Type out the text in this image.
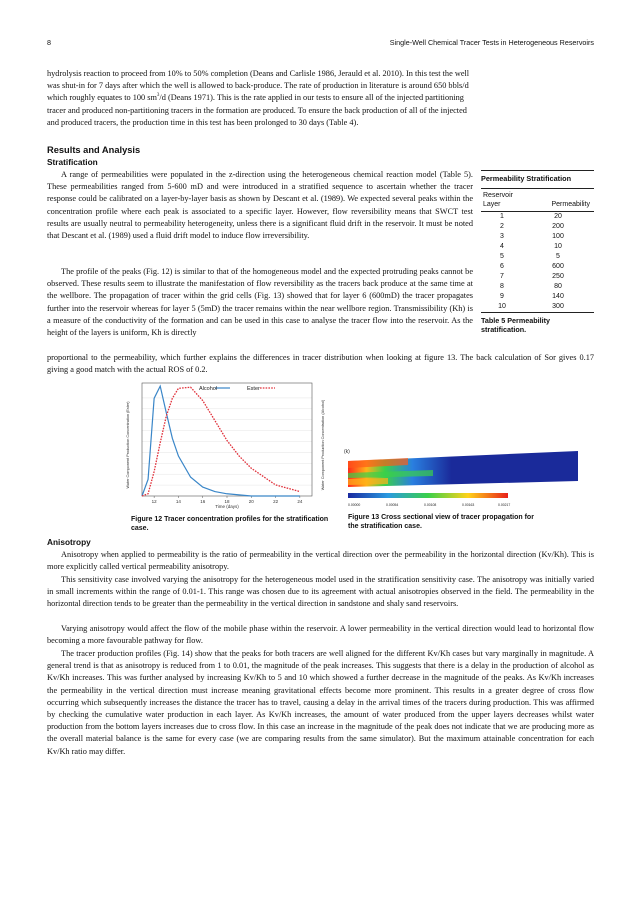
8	Single-Well Chemical Tracer Tests in Heterogeneous Reservoirs
hydrolysis reaction to proceed from 10% to 50% completion (Deans and Carlisle 1986, Jerauld et al. 2010). In this test the well
was shut-in for 7 days after which the well is allowed to back-produce. The rate of production in literature is around 650 bbls/d
which roughly equates to 100 $sm^3/d$ (Deans 1971). This is the rate applied in our tests to ensure all of the injected partitioning
tracer and produced non-partitioning tracers in the formation are produced. To ensure the back production of all of the injected
and produced tracers, the production time in this test has been prolonged to 30 days (Table 4).
Results and Analysis
Stratification
A range of permeabilities were populated in the z-direction using the heterogeneous chemical reaction model (Table 5). These permeabilities ranged from 5-600 mD and were introduced in a stratified sequence to ascertain whether the tracer response could be calibrated on a layer-by-layer basis as shown by Descant et al. (1989). We expected several peaks within the concentration profile where each peak is associated to a specific layer. However, flow reversibility means that SWCT test results are usually neutral to permeability heterogeneity, unless there is a significant fluid drift in the reservoir. It must be noted that Descant et al. (1989) used a fluid drift model to induce flow irreversibility.
The profile of the peaks (Fig. 12) is similar to that of the homogeneous model and the expected protruding peaks cannot be observed. These results seem to illustrate the manifestation of flow reversibility as the tracers back produce at the same time at the wellbore. The propagation of tracer within the grid cells (Fig. 13) showed that for layer 6 (600mD) the tracer propagates further into the reservoir whereas for layer 5 (5mD) the tracer remains within the near wellbore region. Transmissibility (Kh) is a measure of the conductivity of the formation and can be used in this case to analyse the tracer flow into the reservoir. As the height of the layers is uniform, Kh is directly
proportional to the permeability, which further explains the differences in tracer distribution when looking at figure 13. The back calculation of Sor gives 0.17 giving a good match with the actual ROS of 0.2.
Permeability Stratification
Reservoir Layer	Permeability
1	20
2	200
3	100
4	10
5	5
6	600
7	250
8	80
9	140
10	300
Table 5 Permeability stratification.
Water Component Production Concentration (Ester)	Water Component Production Concentration (Alcohol)
12	14	16	18	20	22	24
Alcohol	Ester
Time (days)
Figure 12 Tracer concentration profiles for the stratification case.
(k)
0.00000	0.00054	0.00108	0.00163	0.00217
Figure 13 Cross sectional view of tracer propagation for the stratification case.
Anisotropy
Anisotropy when applied to permeability is the ratio of permeability in the vertical direction over the permeability in the horizontal direction (Kv/Kh). This is more explicitly called vertical permeability anisotropy.
This sensitivity case involved varying the anisotropy for the heterogeneous model used in the stratification sensitivity case. The anisotropy was initially varied in small increments within the range of 0.01-1. This range was chosen due to its agreement with actual anisotropies observed in the field. The permeability in the horizontal direction tends to be greater than the permeability in the vertical direction in sandstone and shaly sand reservoirs.
Varying anisotropy would affect the flow of the mobile phase within the reservoir. A lower permeability in the vertical direction would lead to horizontal flow becoming a more favourable pathway for flow.
The tracer production profiles (Fig. 14) show that the peaks for both tracers are well aligned for the different Kv/Kh cases but vary marginally in magnitude. A general trend is that as anisotropy is reduced from 1 to 0.01, the magnitude of the peak increases. This suggests that there is a delay in the production of alcohol as Kv/Kh increases. This was further analysed by increasing Kv/Kh to 5 and 10 which showed a further decrease in the magnitude of the peaks. As Kv/Kh increases the permeability in the vertical direction must increase meaning gravitational effects become more prominent. This results in a greater degree of cross flow occurring which subsequently increases the distance the tracer has to travel, causing a delay in the arrival times of the tracers during production. This was affirmed by checking the cumulative water production in each layer. As Kv/Kh increases, the amount of water produced from the upper layers decreases whilst water production from the bottom layers increases due to cross flow. In this case an increase in the magnitude of the peak does not indicate that we are producing more as the overall material balance is the same for every case (we are comparing results from the same simulator). But the maximum attainable concentration for each Kv/Kh ratio may differ.
